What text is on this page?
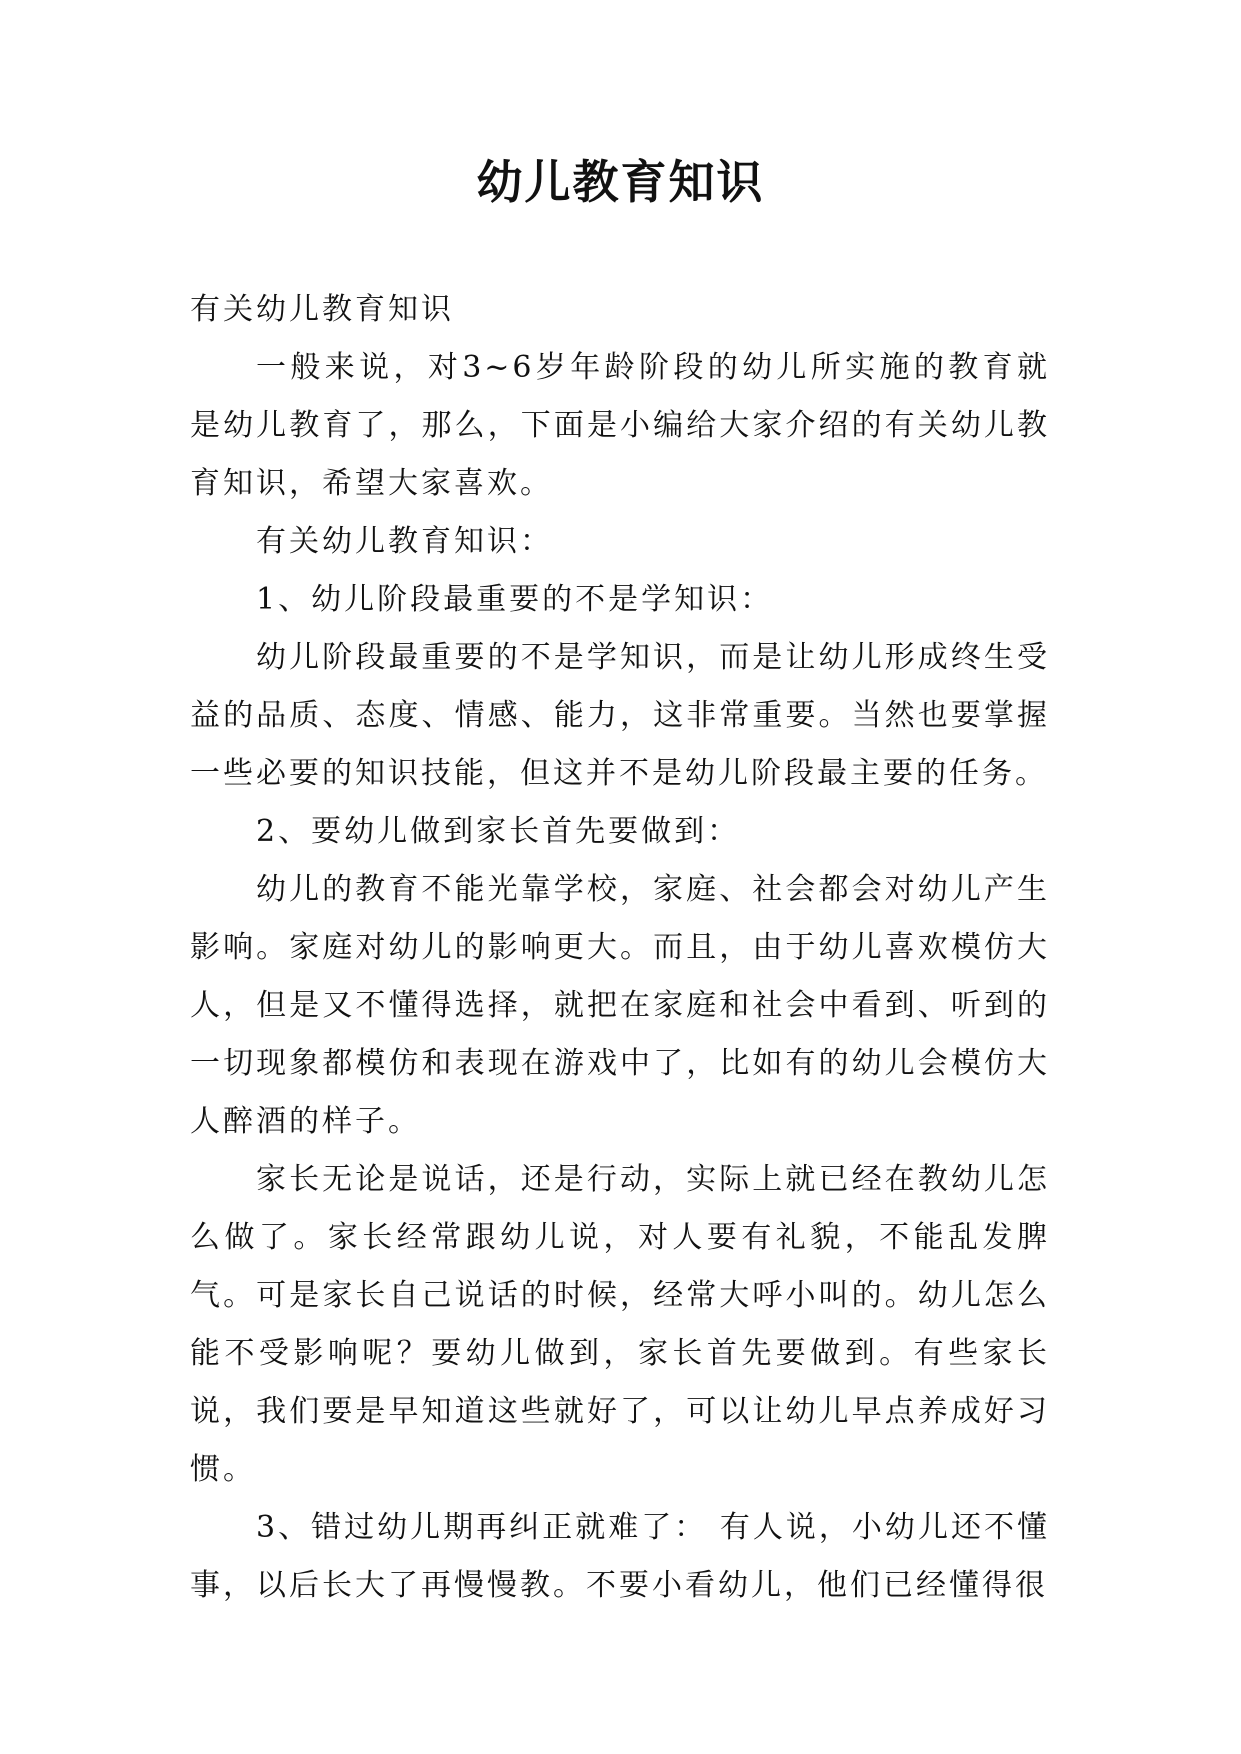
幼儿教育知识

有关幼儿教育知识

一般来说，对3~6岁年龄阶段的幼儿所实施的教育就是幼儿教育了，那么，下面是小编给大家介绍的有关幼儿教育知识，希望大家喜欢。

有关幼儿教育知识：

1、幼儿阶段最重要的不是学知识：

幼儿阶段最重要的不是学知识，而是让幼儿形成终生受益的品质、态度、情感、能力，这非常重要。当然也要掌握一些必要的知识技能，但这并不是幼儿阶段最主要的任务。

2、要幼儿做到家长首先要做到：

幼儿的教育不能光靠学校，家庭、社会都会对幼儿产生影响。家庭对幼儿的影响更大。而且，由于幼儿喜欢模仿大人，但是又不懂得选择，就把在家庭和社会中看到、听到的一切现象都模仿和表现在游戏中了，比如有的幼儿会模仿大人醉酒的样子。

家长无论是说话，还是行动，实际上就已经在教幼儿怎么做了。家长经常跟幼儿说，对人要有礼貌，不能乱发脾气。可是家长自己说话的时候，经常大呼小叫的。幼儿怎么能不受影响呢？要幼儿做到，家长首先要做到。有些家长说，我们要是早知道这些就好了，可以让幼儿早点养成好习惯。

3、错过幼儿期再纠正就难了： 有人说，小幼儿还不懂事，以后长大了再慢慢教。不要小看幼儿，他们已经懂得很
